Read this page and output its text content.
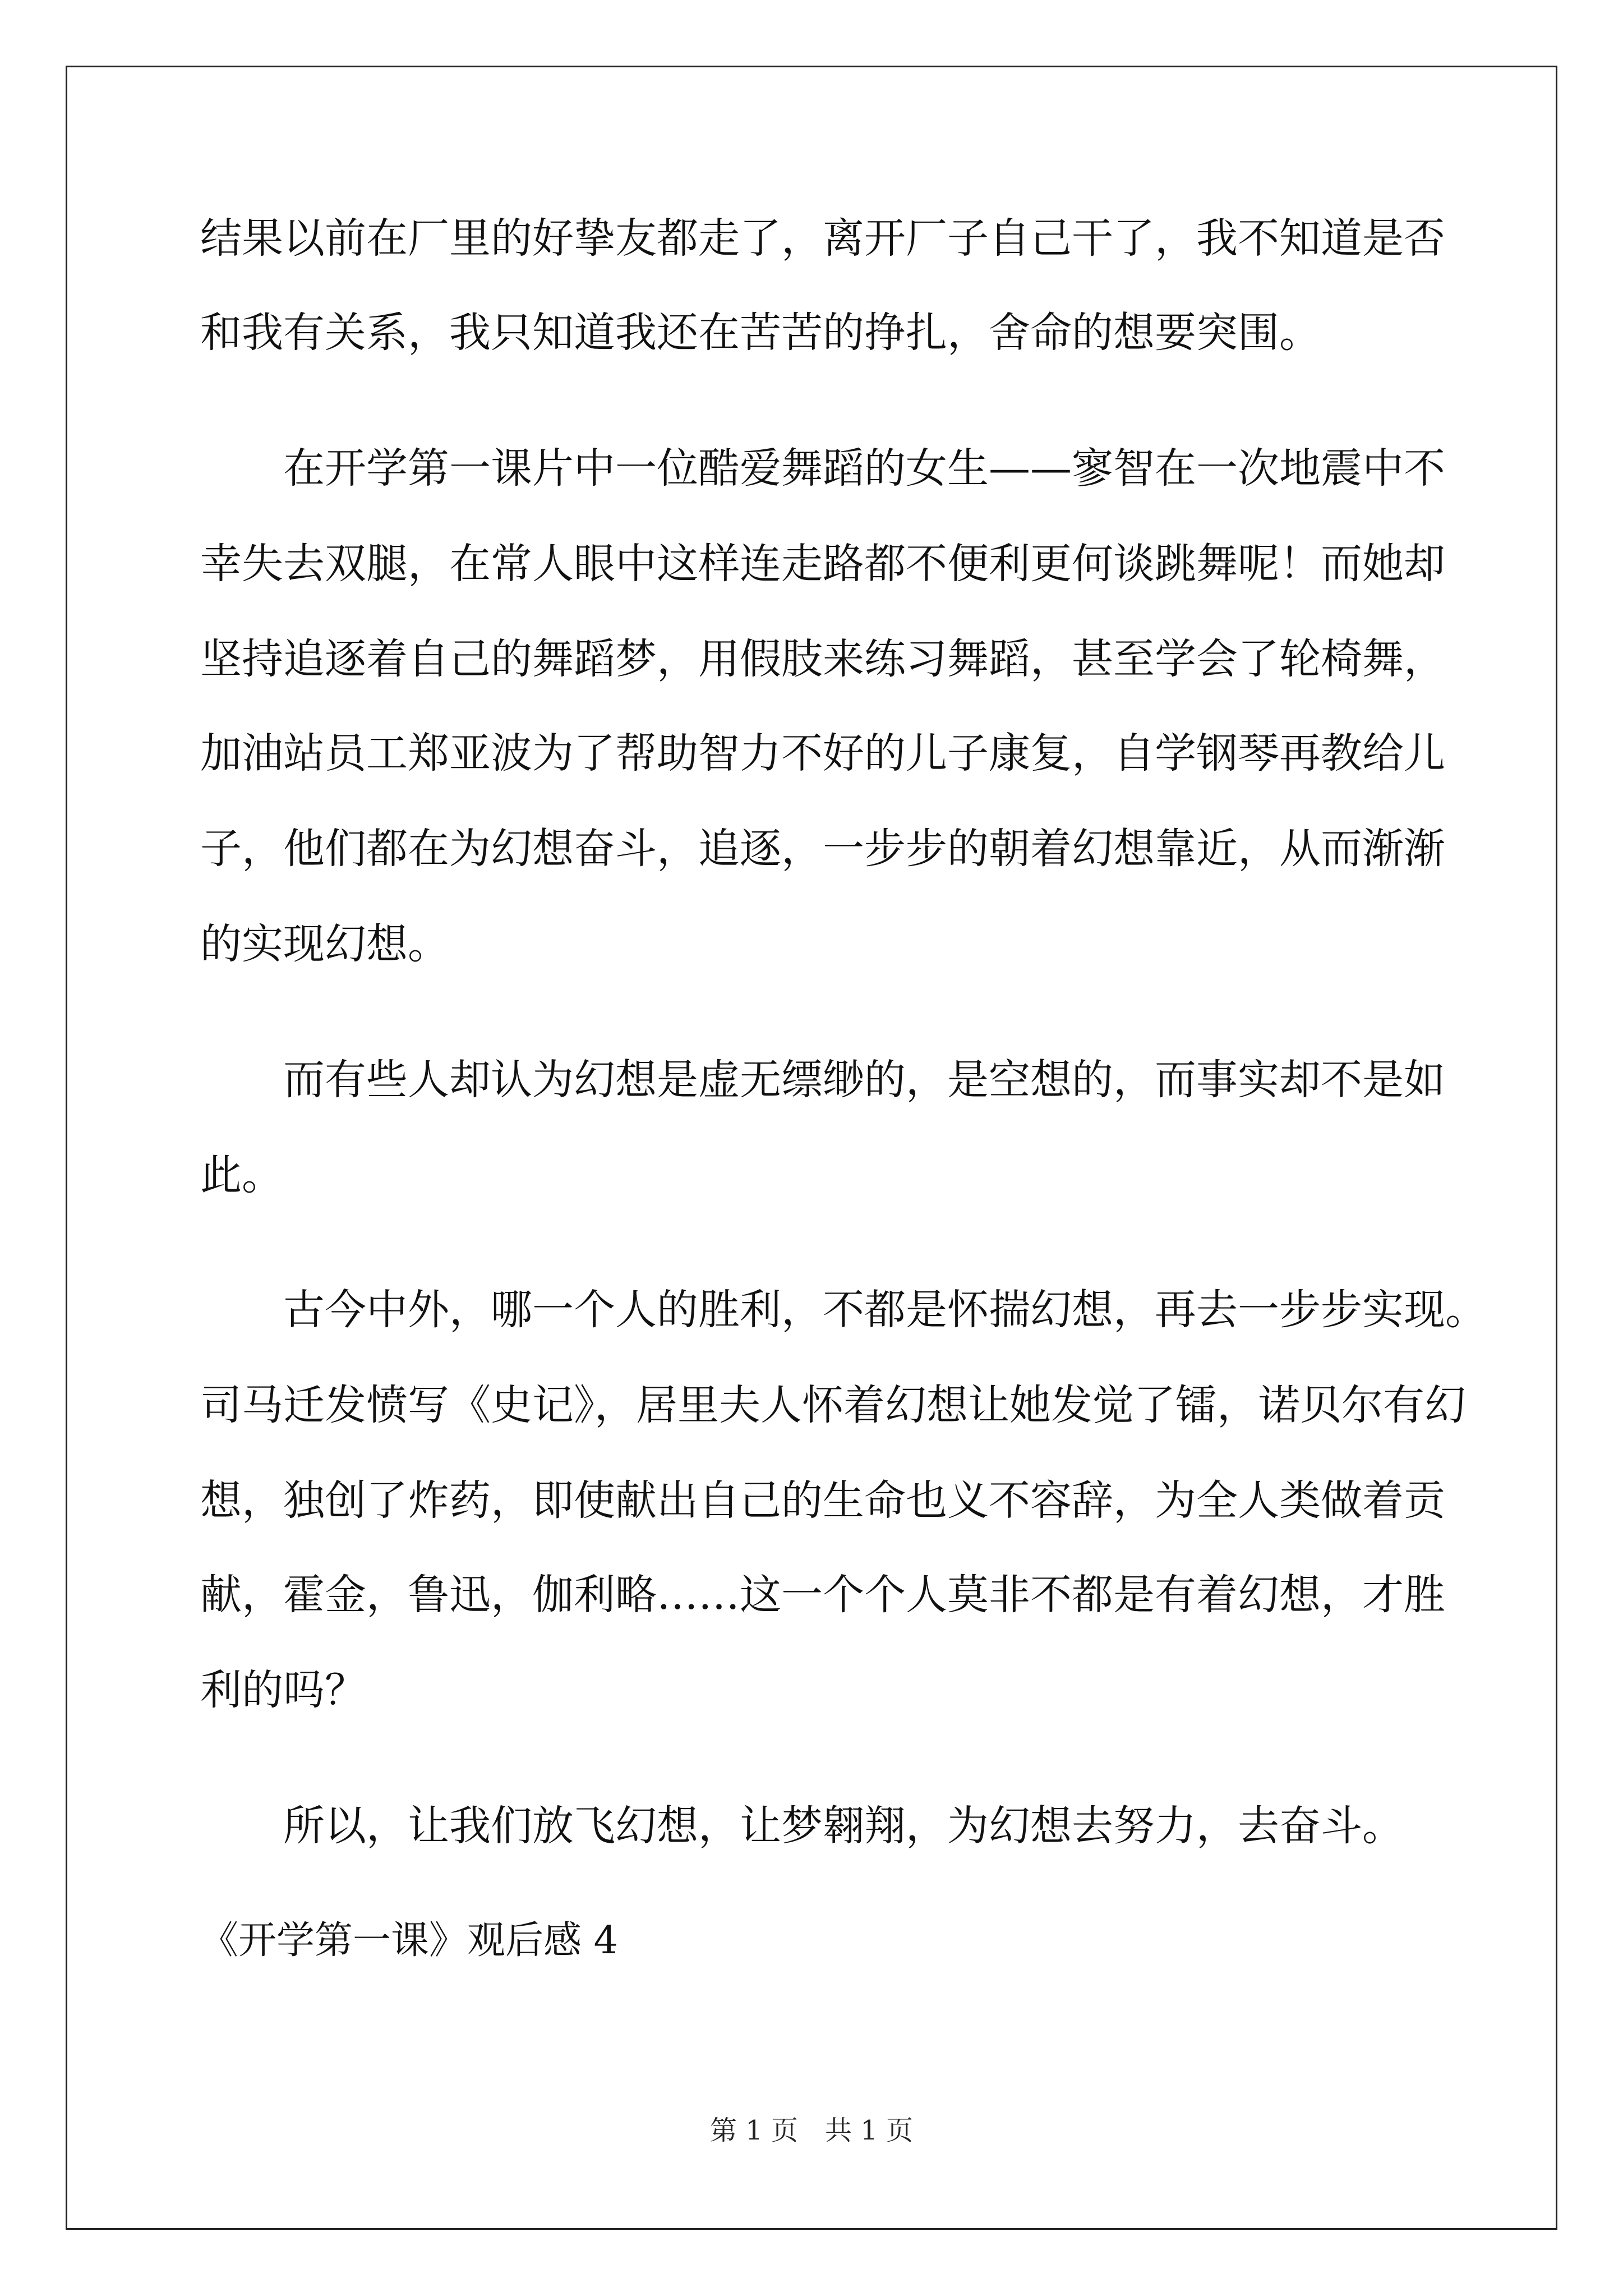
结果以前在厂里的好挚友都走了，离开厂子自己干了，我不知道是否
和我有关系，我只知道我还在苦苦的挣扎，舍命的想要突围。
在开学第一课片中一位酷爱舞蹈的女生——寥智在一次地震中不
幸失去双腿，在常人眼中这样连走路都不便利更何谈跳舞呢！而她却
坚持追逐着自己的舞蹈梦，用假肢来练习舞蹈，甚至学会了轮椅舞，
加油站员工郑亚波为了帮助智力不好的儿子康复，自学钢琴再教给儿
子，他们都在为幻想奋斗，追逐，一步步的朝着幻想靠近，从而渐渐
的实现幻想。
而有些人却认为幻想是虚无缥缈的，是空想的，而事实却不是如
此。
古今中外，哪一个人的胜利，不都是怀揣幻想，再去一步步实现。
司马迁发愤写《史记》，居里夫人怀着幻想让她发觉了镭，诺贝尔有幻
想，独创了炸药，即使献出自己的生命也义不容辞，为全人类做着贡
献，霍金，鲁迅，伽利略……这一个个人莫非不都是有着幻想，才胜
利的吗？
所以，让我们放飞幻想，让梦翱翔，为幻想去努力，去奋斗。
《开学第一课》观后感 4
第 1 页　共 1 页
